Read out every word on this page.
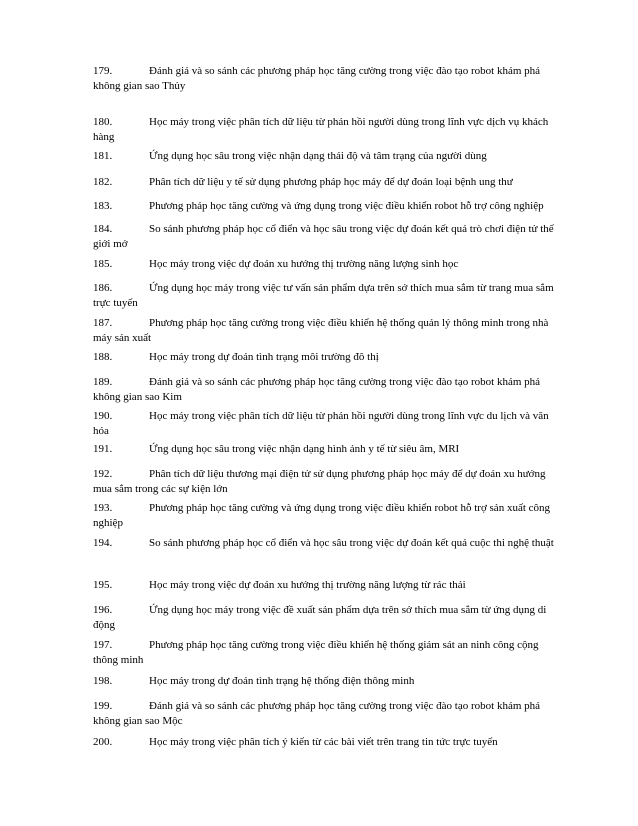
179.	Đánh giá và so sánh các phương pháp học tăng cường trong việc đào tạo robot khám phá không gian sao Thủy

180.	Học máy trong việc phân tích dữ liệu từ phản hồi người dùng trong lĩnh vực dịch vụ khách hàng

181.	Ứng dụng học sâu trong việc nhận dạng thái độ và tâm trạng của người dùng

182.	Phân tích dữ liệu y tế sử dụng phương pháp học máy để dự đoán loại bệnh ung thư

183.	Phương pháp học tăng cường và ứng dụng trong việc điều khiển robot hỗ trợ công nghiệp

184.	So sánh phương pháp học cổ điển và học sâu trong việc dự đoán kết quả trò chơi điện tử thế giới mở

185.	Học máy trong việc dự đoán xu hướng thị trường năng lượng sinh học

186.	Ứng dụng học máy trong việc tư vấn sản phẩm dựa trên sở thích mua sắm từ trang mua sắm trực tuyến

187.	Phương pháp học tăng cường trong việc điều khiển hệ thống quản lý thông minh trong nhà máy sản xuất

188.	Học máy trong dự đoán tình trạng môi trường đô thị

189.	Đánh giá và so sánh các phương pháp học tăng cường trong việc đào tạo robot khám phá không gian sao Kim

190.	Học máy trong việc phân tích dữ liệu từ phản hồi người dùng trong lĩnh vực du lịch và văn hóa

191.	Ứng dụng học sâu trong việc nhận dạng hình ảnh y tế từ siêu âm, MRI

192.	Phân tích dữ liệu thương mại điện tử sử dụng phương pháp học máy để dự đoán xu hướng mua sắm trong các sự kiện lớn

193.	Phương pháp học tăng cường và ứng dụng trong việc điều khiển robot hỗ trợ sản xuất công nghiệp

194.	So sánh phương pháp học cổ điển và học sâu trong việc dự đoán kết quả cuộc thi nghệ thuật

195.	Học máy trong việc dự đoán xu hướng thị trường năng lượng từ rác thải

196.	Ứng dụng học máy trong việc đề xuất sản phẩm dựa trên sở thích mua sắm từ ứng dụng di động

197.	Phương pháp học tăng cường trong việc điều khiển hệ thống giám sát an ninh công cộng thông minh

198.	Học máy trong dự đoán tình trạng hệ thống điện thông minh

199.	Đánh giá và so sánh các phương pháp học tăng cường trong việc đào tạo robot khám phá không gian sao Mộc

200.	Học máy trong việc phân tích ý kiến từ các bài viết trên trang tin tức trực tuyến
